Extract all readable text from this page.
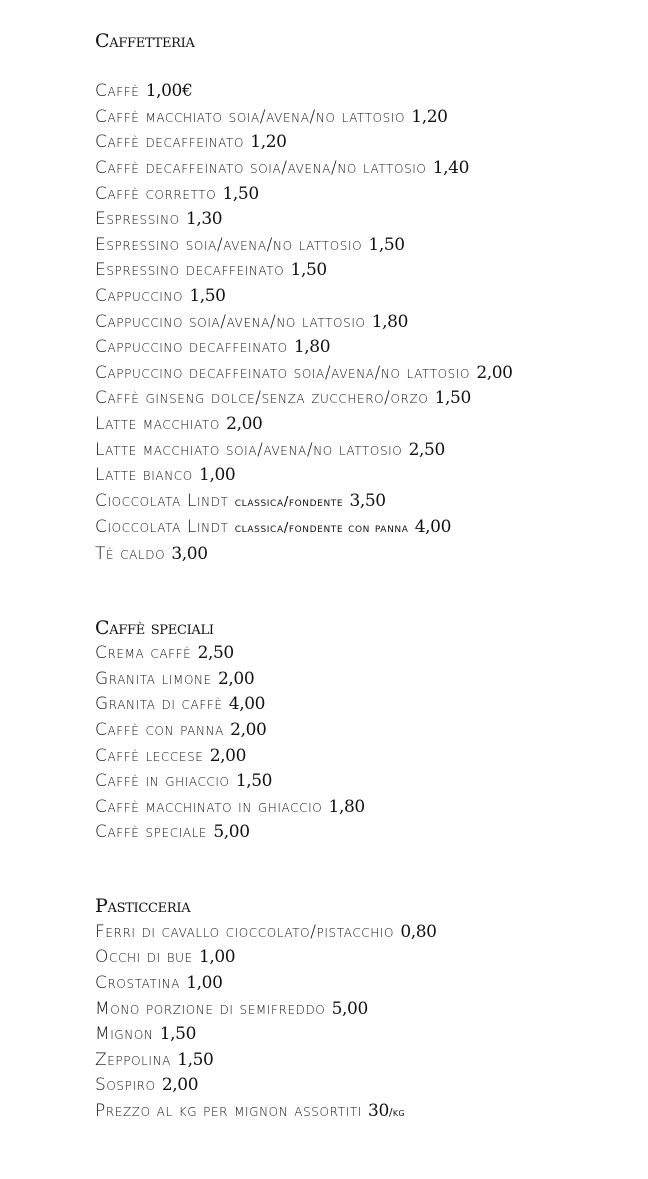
Caffetteria
Caffè 1,00€
Caffè macchiato soia/avena/no lattosio 1,20
Caffè decaffeinato 1,20
Caffè decaffeinato soia/avena/no lattosio 1,40
Caffè corretto 1,50
Espressino 1,30
Espressino soia/avena/no lattosio 1,50
Espressino decaffeinato 1,50
Cappuccino 1,50
Cappuccino soia/avena/no lattosio 1,80
Cappuccino decaffeinato 1,80
Cappuccino decaffeinato soia/avena/no lattosio 2,00
Caffè ginseng dolce/senza zucchero/orzo 1,50
Latte macchiato 2,00
Latte macchiato soia/avena/no lattosio 2,50
Latte bianco 1,00
Cioccolata Lindt classica/fondente 3,50
Cioccolata Lindt classica/fondente con panna 4,00
Tè caldo 3,00
Caffè speciali
Crema caffè 2,50
Granita limone 2,00
Granita di caffè 4,00
Caffè con panna 2,00
Caffè leccese 2,00
Caffè in ghiaccio 1,50
Caffè macchinato in ghiaccio 1,80
Caffè speciale 5,00
Pasticceria
Ferri di cavallo cioccolato/pistacchio 0,80
Occhi di bue 1,00
Crostatina 1,00
Mono porzione di semifreddo 5,00
Mignon 1,50
Zeppolina 1,50
Sospiro 2,00
Prezzo al kg per mignon assortiti 30/kg
